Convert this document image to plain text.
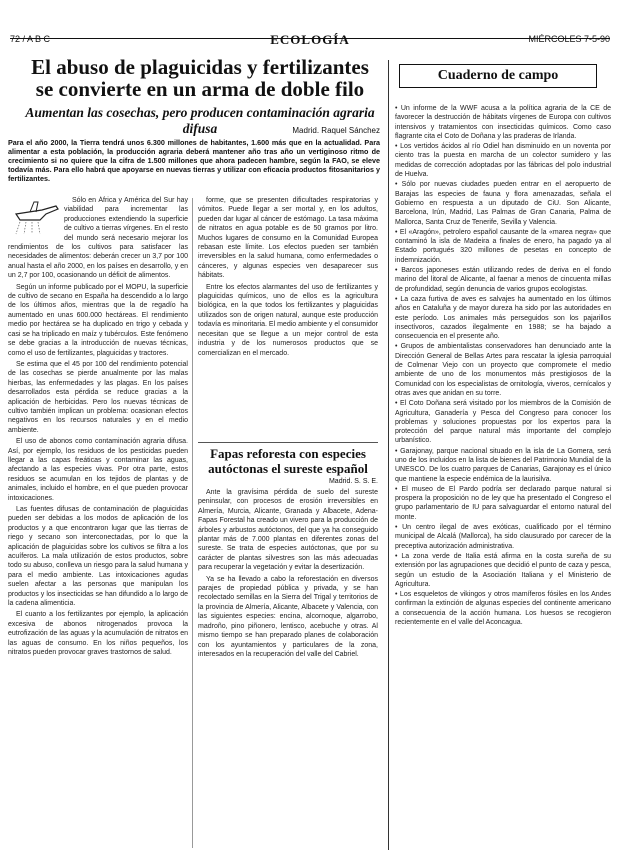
72 / A B C	ECOLOGÍA	MIÉRCOLES 7-5-90
El abuso de plaguicidas y fertilizantes se convierte en un arma de doble filo
Aumentan las cosechas, pero producen contaminación agraria difusa	Madrid. Raquel Sánchez
Para el año 2000, la Tierra tendrá unos 6.300 millones de habitantes, 1.600 más que en la actualidad. Para alimentar a esta población, la producción agraria deberá mantener año tras año un vertiginoso ritmo de crecimiento si no quiere que la cifra de 1.500 millones que ahora padecen hambre, según la FAO, se eleve todavía más. Para ello habrá que apoyarse en nuevas tierras y utilizar con eficacia productos fitosanitarios y fertilizantes.

Sólo en África y América del Sur hay viabilidad para incrementar las producciones extendiendo la superficie de cultivo a tierras vírgenes. En el resto del mundo será necesario mejorar los rendimientos de los cultivos para satisfacer las necesidades de alimentos: deberán crecer un 3,7 por 100 anual hasta el año 2000, en los países en desarrollo, y en un 2,7 por 100, ocasionando un déficit de alimentos.

Según un informe publicado por el MOPU, la superficie de cultivo de secano en España ha descendido a lo largo de los últimos años, mientras que la de regadío ha aumentado en unas 600.000 hectáreas. El rendimiento medio por hectárea se ha duplicado en trigo y cebada y casi se ha triplicado en maíz y tubérculos. Este fenómeno se debe gracias a la introducción de nuevas técnicas, como el uso de fertilizantes, plaguicidas y tractores.

Se estima que el 45 por 100 del rendimiento potencial de las cosechas se pierde anualmente por las malas hierbas, las enfermedades y las plagas. En los países desarrollados esta pérdida se reduce gracias a la aplicación de herbicidas. Pero los nuevas técnicas de cultivo también implican un problema: ocasionan efectos negativos en los recursos naturales y en el medio ambiente.

El uso de abonos como contaminación agraria difusa. Así, por ejemplo, los residuos de los pesticidas pueden llegar a las capas freáticas y contaminar las aguas, afectando a las especies vivas. Por otra parte, estos residuos se acumulan en los tejidos de plantas y de animales, incluido el hombre, en el que pueden provocar intoxicaciones.

Las fuentes difusas de contaminación de plaguicidas pueden ser debidas a los modos de aplicación de los productos y a que encontraron lugar que las tierras de riego y secano son interconectadas, por lo que la aplicación de plaguicidas sobre los cultivos se filtra a los acuíferos. La mala utilización de estos productos, sobre todo su abuso, conlleva un riesgo para la salud humana y para el medio ambiente. Las intoxicaciones agudas suelen afectar a las personas que manipulan los productos y los insecticidas se han difundido a lo largo de la cadena alimenticia.

El cuanto a los fertilizantes por ejemplo, la aplicación excesiva de abonos nitrogenados provoca la eutrofización de las aguas y la acumulación de nitratos en las aguas de consumo. En los niños pequeños, los nitratos pueden provocar graves trastornos de salud.

forme, que se presenten dificultades respiratorias y vómitos. Puede llegar a ser mortal y, en los adultos, pueden dar lugar al cáncer de estómago. La tasa máxima de nitratos en agua potable es de 50 gramos por litro. Muchos lugares de consumo en la Comunidad Europea rebasan este límite. Los efectos pueden ser también irreversibles en la salud humana, como enfermedades o cánceres, y algunas especies ven desaparecer sus hábitats.

Entre los efectos alarmantes del uso de fertilizantes y plaguicidas químicos, uno de ellos es la agricultura biológica, en la que todos los fertilizantes y plaguicidas utilizados son de origen natural, aunque este producción todavía es minoritaria. El medio ambiente y el consumidor necesitan que se llegue a un mejor control de esta industria y de los numerosos productos que se comercializan en el mercado.

Fapas reforesta con especies autóctonas el sureste español
Madrid. S. S. E.

Ante la gravísima pérdida de suelo del sureste peninsular, con procesos de erosión irreversibles en Almería, Murcia, Alicante, Granada y Albacete, Adena-Fapas Forestal ha creado un vivero para la producción de árboles y arbustos autóctonos, del que ya ha conseguido plantar más de 7.000 plantas en diferentes zonas del sureste. Se trata de especies autóctonas, que por su carácter de plantas silvestres son las más adecuadas para recuperar la vegetación y evitar la desertización.

Ya se ha llevado a cabo la reforestación en diversos parajes de propiedad pública y privada, y se han recolectado semillas en la Sierra del Trigal y territorios de la provincia de Almería, Alicante, Albacete y Valencia, con las siguientes especies: encina, alcornoque, algarrobo, madroño, pino piñonero, lentisco, acebuche y otras. Al mismo tiempo se han preparado planes de colaboración con los ayuntamientos y particulares de la zona, interesados en la recuperación del valle del Cabriel.

Cuaderno de campo

• Un informe de la WWF acusa a la política agraria de la CE de favorecer la destrucción de hábitats vírgenes de Europa con cultivos intensivos y tratamientos con insecticidas químicos. Como caso flagrante cita el Coto de Doñana y las praderas de Irlanda.

• Los vertidos ácidos al río Odiel han disminuido en un noventa por ciento tras la puesta en marcha de un colector sumidero y las medidas de corrección adoptadas por las fábricas del polo industrial de Huelva.

• Sólo por nuevas ciudades pueden entrar en el aeropuerto de Barajas las especies de fauna y flora amenazadas, señala el Gobierno en respuesta a un diputado de CiU. Son Alicante, Barcelona, Irún, Madrid, Las Palmas de Gran Canaria, Palma de Mallorca, Santa Cruz de Tenerife, Sevilla y Valencia.

• El «Aragón», petrolero español causante de la «marea negra» que contaminó la isla de Madeira a finales de enero, ha pagado ya al Estado portugués 320 millones de pesetas en concepto de indemnización.

• Barcos japoneses están utilizando redes de deriva en el fondo marino del litoral de Alicante, al faenar a menos de cincuenta millas de profundidad, según denuncia de varios grupos ecologistas.

• La caza furtiva de aves es salvajes ha aumentado en los últimos años en Cataluña y de mayor dureza ha sido por las autoridades en este período. Los animales más perseguidos son los pajarillos insectívoros, cazados ilegalmente en 1988; se ha bajado a consecuencia en el presente año.

• Grupos de ambientalistas conservadores han denunciado ante la Dirección General de Bellas Artes para rescatar la iglesia parroquial de Colmenar Viejo con un proyecto que compromete el medio ambiente de uno de los monumentos más prestigiosos de la Comunidad con los especialistas de ornitología, viveros, cernícalos y otras aves que anidan en su torre.

• El Coto Doñana será visitado por los miembros de la Comisión de Agricultura, Ganadería y Pesca del Congreso para conocer los problemas y soluciones propuestas por los expertos para la protección del parque natural más importante del complejo urbanístico.

• Garajonay, parque nacional situado en la isla de La Gomera, será uno de los incluidos en la lista de bienes del Patrimonio Mundial de la UNESCO. De los cuatro parques de Canarias, Garajonay es el único que mantiene la especie endémica de la laurisilva.

• El museo de El Pardo podría ser declarado parque natural si prospera la proposición no de ley que ha presentado el Congreso el grupo parlamentario de IU para salvaguardar el entorno natural del monte.

• Un centro ilegal de aves exóticas, cualificado por el término municipal de Alcalá (Mallorca), ha sido clausurado por carecer de la preceptiva autorización administrativa.

• La zona verde de Italia está afirma en la costa sureña de su extensión por las agrupaciones que decidió el punto de caza y pesca, según un estudio de la Asociación Italiana y el Ministerio de Agricultura.

• Los esqueletos de vikingos y otros mamíferos fósiles en los Andes confirman la extinción de algunas especies del continente americano a consecuencia de la acción humana. Los huesos se recogieron recientemente en el valle del Aconcagua.
